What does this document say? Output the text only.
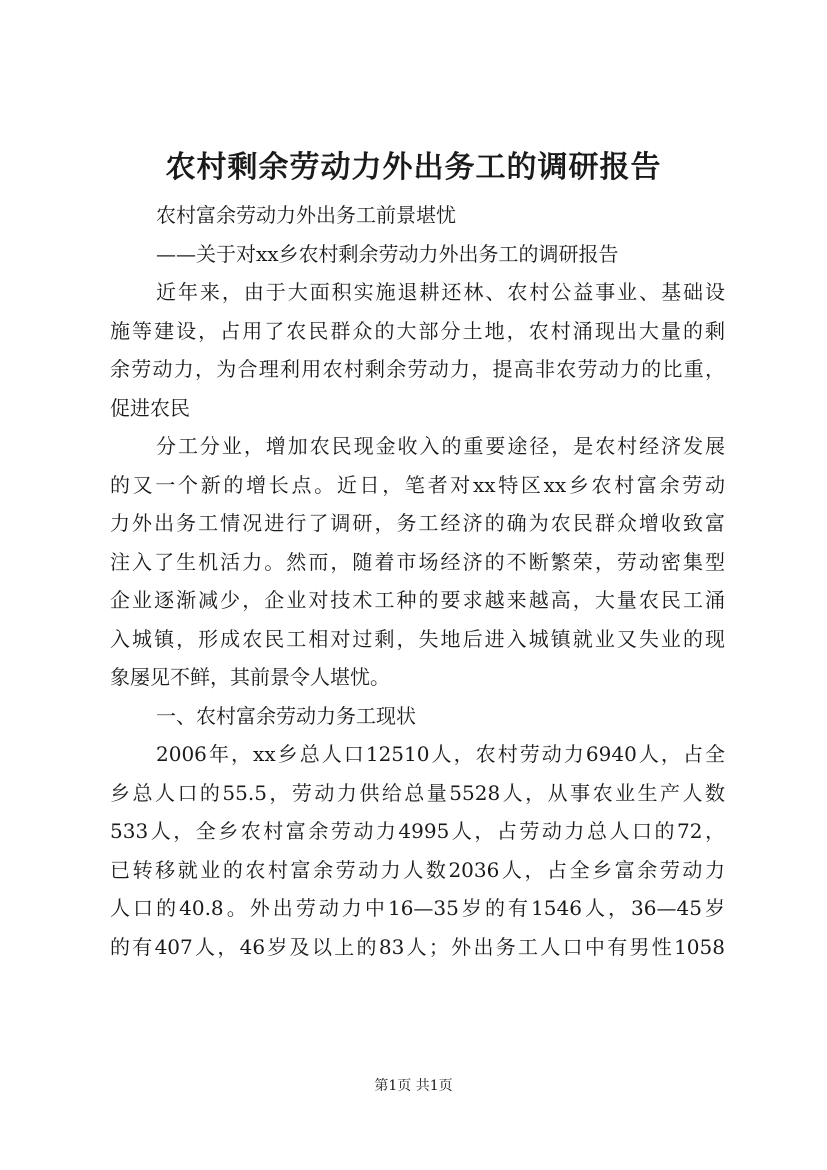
农村剩余劳动力外出务工的调研报告

农村富余劳动力外出务工前景堪忧

——关于对xx乡农村剩余劳动力外出务工的调研报告

近年来，由于大面积实施退耕还林、农村公益事业、基础设

施等建设，占用了农民群众的大部分土地，农村涌现出大量的剩

余劳动力，为合理利用农村剩余劳动力，提高非农劳动力的比重，

促进农民

分工分业，增加农民现金收入的重要途径，是农村经济发展

的又一个新的增长点。近日，笔者对xx特区xx乡农村富余劳动

力外出务工情况进行了调研，务工经济的确为农民群众增收致富

注入了生机活力。然而，随着市场经济的不断繁荣，劳动密集型

企业逐渐减少，企业对技术工种的要求越来越高，大量农民工涌

入城镇，形成农民工相对过剩，失地后进入城镇就业又失业的现

象屡见不鲜，其前景令人堪忧。

一、农村富余劳动力务工现状

2006年，xx乡总人口12510人，农村劳动力6940人，占全

乡总人口的55.5，劳动力供给总量5528人，从事农业生产人数

533人，全乡农村富余劳动力4995人，占劳动力总人口的72，

已转移就业的农村富余劳动力人数2036人，占全乡富余劳动力

人口的40.8。外出劳动力中16—35岁的有1546人，36—45岁

的有407人，46岁及以上的83人；外出务工人口中有男性1058

第1页 共1页
